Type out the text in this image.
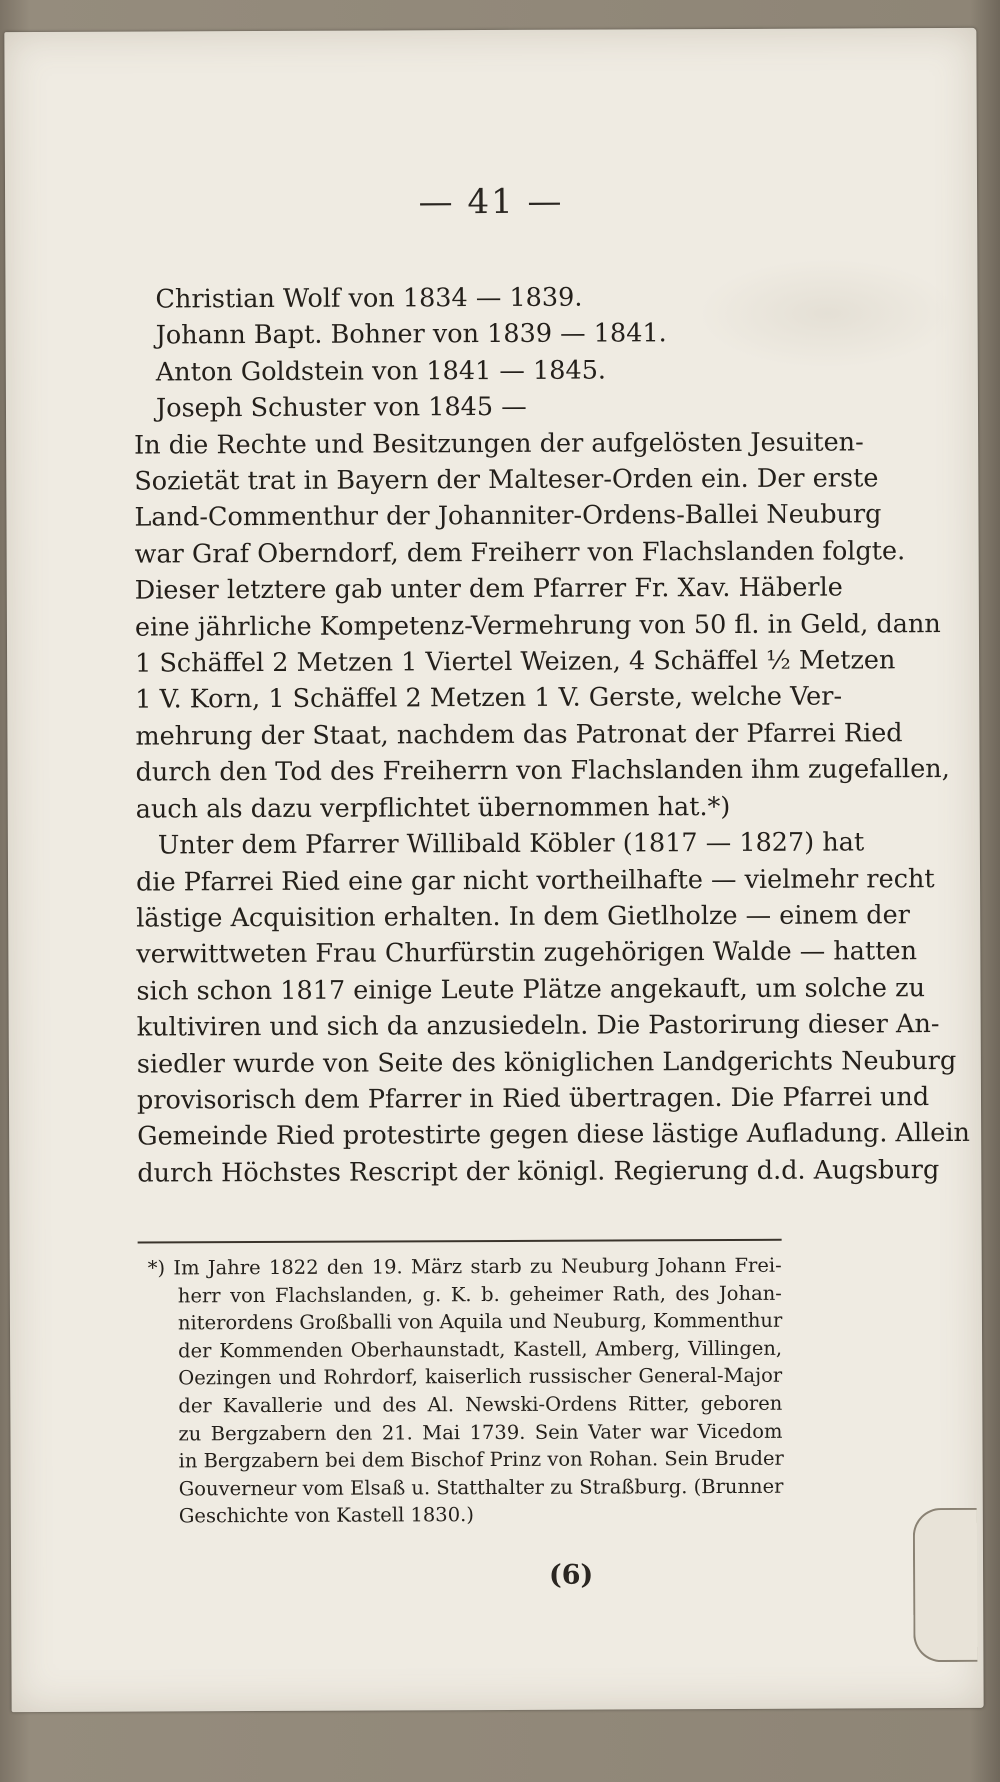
— 41 —
Christian Wolf von 1834 — 1839.
Johann Bapt. Bohner von 1839 — 1841.
Anton Goldstein von 1841 — 1845.
Joseph Schuster von 1845 —
In die Rechte und Besitzungen der aufgelösten Jesuiten-
Sozietät trat in Bayern der Malteser-Orden ein. Der erste
Land-Commenthur der Johanniter-Ordens-Ballei Neuburg
war Graf Oberndorf, dem Freiherr von Flachslanden folgte.
Dieser letztere gab unter dem Pfarrer Fr. Xav. Häberle
eine jährliche Kompetenz-Vermehrung von 50 fl. in Geld, dann
1 Schäffel 2 Metzen 1 Viertel Weizen, 4 Schäffel ½ Metzen
1 V. Korn, 1 Schäffel 2 Metzen 1 V. Gerste, welche Ver-
mehrung der Staat, nachdem das Patronat der Pfarrei Ried
durch den Tod des Freiherrn von Flachslanden ihm zugefallen,
auch als dazu verpflichtet übernommen hat.*)
Unter dem Pfarrer Willibald Köbler (1817 — 1827) hat
die Pfarrei Ried eine gar nicht vortheilhafte — vielmehr recht
lästige Acquisition erhalten. In dem Gietlholze — einem der
verwittweten Frau Churfürstin zugehörigen Walde — hatten
sich schon 1817 einige Leute Plätze angekauft, um solche zu
kultiviren und sich da anzusiedeln. Die Pastorirung dieser An-
siedler wurde von Seite des königlichen Landgerichts Neuburg
provisorisch dem Pfarrer in Ried übertragen. Die Pfarrei und
Gemeinde Ried protestirte gegen diese lästige Aufladung. Allein
durch Höchstes Rescript der königl. Regierung d.d. Augsburg
*) Im Jahre 1822 den 19. März starb zu Neuburg Johann Frei-
herr von Flachslanden, g. K. b. geheimer Rath, des Johan-
niterordens Großballi von Aquila und Neuburg, Kommenthur
der Kommenden Oberhaunstadt, Kastell, Amberg, Villingen,
Oezingen und Rohrdorf, kaiserlich russischer General-Major
der Kavallerie und des Al. Newski-Ordens Ritter, geboren
zu Bergzabern den 21. Mai 1739. Sein Vater war Vicedom
in Bergzabern bei dem Bischof Prinz von Rohan. Sein Bruder
Gouverneur vom Elsaß u. Statthalter zu Straßburg. (Brunner
Geschichte von Kastell 1830.)
(6)
